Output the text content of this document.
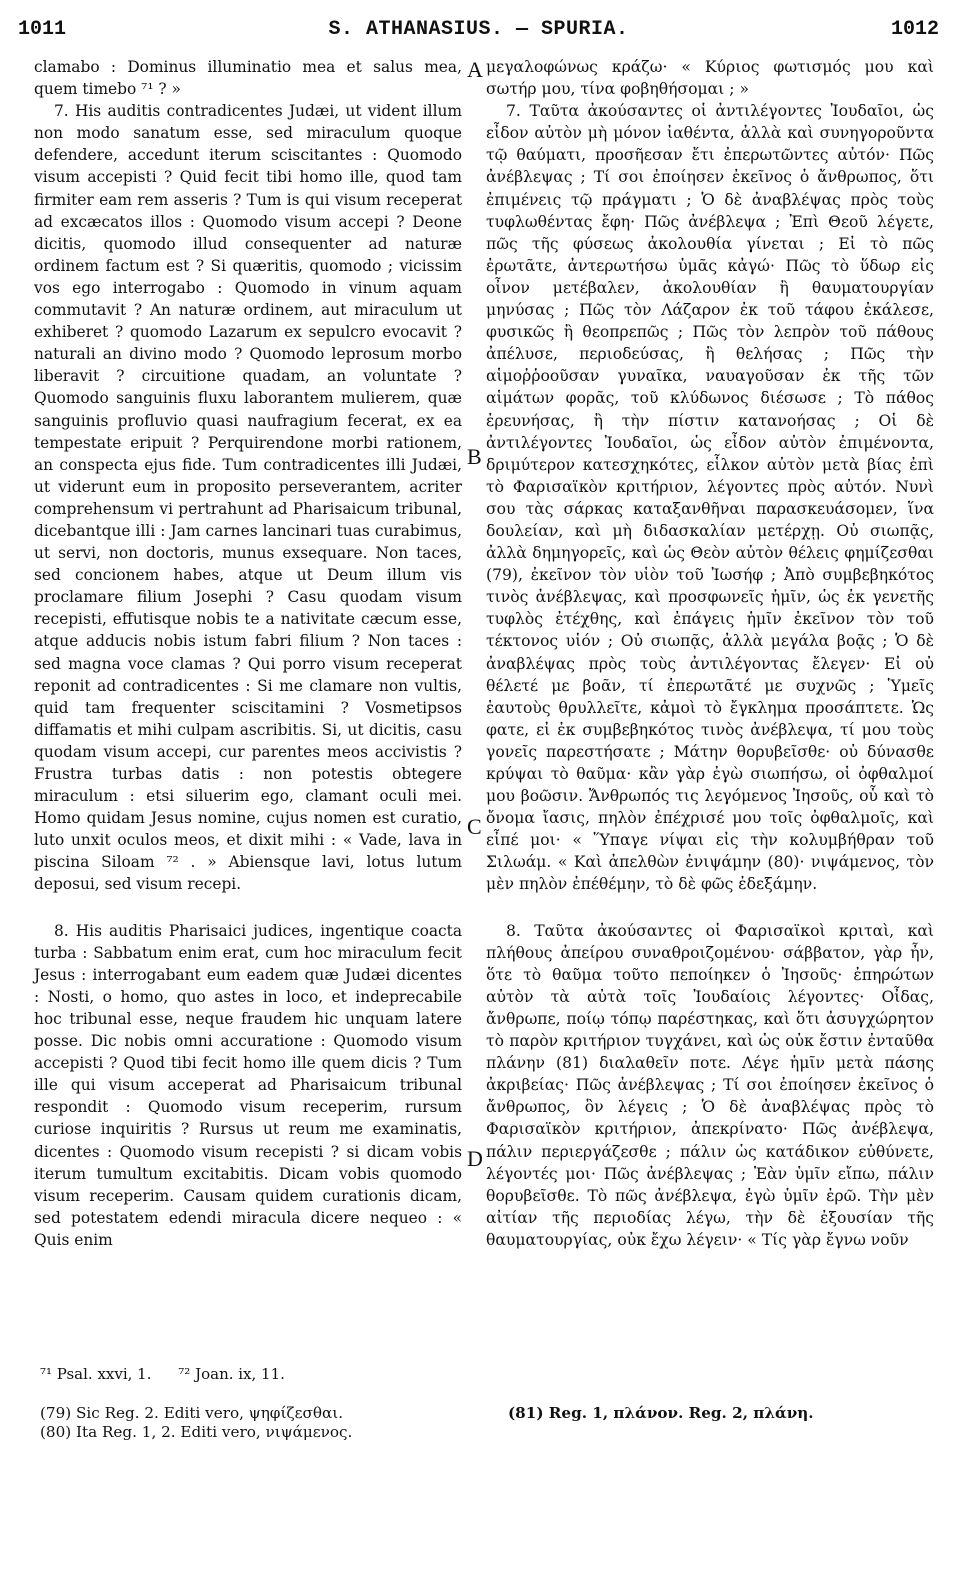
1011	S. ATHANASIUS. — SPURIA.	1012

clamabo : Dominus illuminatio mea et salus mea, quem timebo ⁷¹ ? »

7. His auditis contradicentes Judæi, ut vident illum non modo sanatum esse, sed miraculum quoque defendere, accedunt iterum sciscitantes : Quomodo visum accepisti ? Quid fecit tibi homo ille, quod tam firmiter eam rem asseris ? Tum is qui visum receperat ad excæcatos illos : Quomodo visum accepi ? Deone dicitis, quomodo illud consequenter ad naturæ ordinem factum est ? Si quæritis, quomodo ; vicissim vos ego interrogabo : Quomodo in vinum aquam commutavit ? An naturæ ordinem, aut miraculum ut exhiberet ? quomodo Lazarum ex sepulcro evocavit ? naturali an divino modo ? Quomodo leprosum morbo liberavit ? circuitione quadam, an voluntate ? Quomodo sanguinis fluxu laborantem mulierem, quæ sanguinis profluvio quasi naufragium fecerat, ex ea tempestate eripuit ? Perquirendone morbi rationem, an conspecta ejus fide. Tum contradicentes illi Judæi, ut viderunt eum in proposito perseverantem, acriter comprehensum vi pertrahunt ad Pharisaicum tribunal, dicebantque illi : Jam carnes lancinari tuas curabimus, ut servi, non doctoris, munus exsequare. Non taces, sed concionem habes, atque ut Deum illum vis proclamare filium Josephi ? Casu quodam visum recepisti, effutisque nobis te a nativitate cæcum esse, atque adducis nobis istum fabri filium ? Non taces : sed magna voce clamas ? Qui porro visum receperat reponit ad contradicentes : Si me clamare non vultis, quid tam frequenter sciscitamini ? Vosmetipsos diffamatis et mihi culpam ascribitis. Si, ut dicitis, casu quodam visum accepi, cur parentes meos accivistis ? Frustra turbas datis : non potestis obtegere miraculum : etsi siluerim ego, clamant oculi mei. Homo quidam Jesus nomine, cujus nomen est curatio, luto unxit oculos meos, et dixit mihi : « Vade, lava in piscina Siloam ⁷² . » Abiensque lavi, lotus lutum deposui, sed visum recepi.

8. His auditis Pharisaici judices, ingentique coacta turba : Sabbatum enim erat, cum hoc miraculum fecit Jesus : interrogabant eum eadem quæ Judæi dicentes : Nosti, o homo, quo astes in loco, et indeprecabile hoc tribunal esse, neque fraudem hic unquam latere posse. Dic nobis omni accuratione : Quomodo visum accepisti ? Quod tibi fecit homo ille quem dicis ? Tum ille qui visum acceperat ad Pharisaicum tribunal respondit : Quomodo visum receperim, rursum curiose inquiritis ? Rursus ut reum me examinatis, dicentes : Quomodo visum recepisti ? si dicam vobis iterum tumultum excitabitis. Dicam vobis quomodo visum receperim. Causam quidem curationis dicam, sed potestatem edendi miracula dicere nequeo : « Quis enim

A
B
C
D

μεγαλοφώνως κράζω· « Κύριος φωτισμός μου καὶ σωτήρ μου, τίνα φοβηθήσομαι ; »

7. Ταῦτα ἀκούσαντες οἱ ἀντιλέγοντες Ἰουδαῖοι, ὡς εἶδον αὐτὸν μὴ μόνον ἰαθέντα, ἀλλὰ καὶ συνηγοροῦντα τῷ θαύματι, προσῆεσαν ἔτι ἐπερωτῶντες αὐτόν· Πῶς ἀνέβλεψας ; Τί σοι ἐποίησεν ἐκεῖνος ὁ ἄνθρωπος, ὅτι ἐπιμένεις τῷ πράγματι ; Ὁ δὲ ἀναβλέψας πρὸς τοὺς τυφλωθέντας ἔφη· Πῶς ἀνέβλεψα ; Ἐπὶ Θεοῦ λέγετε, πῶς τῆς φύσεως ἀκολουθία γίνεται ; Εἰ τὸ πῶς ἐρωτᾶτε, ἀντερωτήσω ὑμᾶς κἀγώ· Πῶς τὸ ὕδωρ εἰς οἶνον μετέβαλεν, ἀκολουθίαν ἢ θαυματουργίαν μηνύσας ; Πῶς τὸν Λάζαρον ἐκ τοῦ τάφου ἐκάλεσε, φυσικῶς ἢ θεοπρεπῶς ; Πῶς τὸν λεπρὸν τοῦ πάθους ἀπέλυσε, περιοδεύσας, ἢ θελήσας ; Πῶς τὴν αἱμοῤῥοοῦσαν γυναῖκα, ναυαγοῦσαν ἐκ τῆς τῶν αἱμάτων φορᾶς, τοῦ κλύδωνος διέσωσε ; Τὸ πάθος ἐρευνήσας, ἢ τὴν πίστιν κατανοήσας ; Οἱ δὲ ἀντιλέγοντες Ἰουδαῖοι, ὡς εἶδον αὐτὸν ἐπιμένοντα, δριμύτερον κατεσχηκότες, εἷλκον αὐτὸν μετὰ βίας ἐπὶ τὸ Φαρισαϊκὸν κριτήριον, λέγοντες πρὸς αὐτόν. Νυνὶ σου τὰς σάρκας καταξανθῆναι παρασκευάσομεν, ἵνα δουλείαν, καὶ μὴ διδασκαλίαν μετέρχῃ. Οὐ σιωπᾷς, ἀλλὰ δημηγορεῖς, καὶ ὡς Θεὸν αὐτὸν θέλεις φημίζεσθαι (79), ἐκεῖνον τὸν υἱὸν τοῦ Ἰωσήφ ; Ἀπὸ συμβεβηκότος τινὸς ἀνέβλεψας, καὶ προσφωνεῖς ἡμῖν, ὡς ἐκ γενετῆς τυφλὸς ἐτέχθης, καὶ ἐπάγεις ἡμῖν ἐκεῖνον τὸν τοῦ τέκτονος υἱόν ; Οὐ σιωπᾷς, ἀλλὰ μεγάλα βοᾷς ; Ὁ δὲ ἀναβλέψας πρὸς τοὺς ἀντιλέγοντας ἔλεγεν· Εἰ οὐ θέλετέ με βοᾶν, τί ἐπερωτᾶτέ με συχνῶς ; Ὑμεῖς ἑαυτοὺς θρυλλεῖτε, κἀμοὶ τὸ ἔγκλημα προσάπτετε. Ὡς φατε, εἰ ἐκ συμβεβηκότος τινὸς ἀνέβλεψα, τί μου τοὺς γονεῖς παρεστήσατε ; Μάτην θορυβεῖσθε· οὐ δύνασθε κρύψαι τὸ θαῦμα· κἂν γὰρ ἐγὼ σιωπήσω, οἱ ὀφθαλμοί μου βοῶσιν. Ἄνθρωπός τις λεγόμενος Ἰησοῦς, οὗ καὶ τὸ ὄνομα ἴασις, πηλὸν ἐπέχρισέ μου τοῖς ὀφθαλμοῖς, καὶ εἶπέ μοι· « Ὕπαγε νίψαι εἰς τὴν κολυμβήθραν τοῦ Σιλωάμ. « Καὶ ἀπελθὼν ἐνιψάμην (80)· νιψάμενος, τὸν μὲν πηλὸν ἐπέθέμην, τὸ δὲ φῶς ἐδεξάμην.

8. Ταῦτα ἀκούσαντες οἱ Φαρισαϊκοὶ κριταὶ, καὶ πλήθους ἀπείρου συναθροιζομένου· σάββατον, γὰρ ἦν, ὅτε τὸ θαῦμα τοῦτο πεποίηκεν ὁ Ἰησοῦς· ἐπηρώτων αὐτὸν τὰ αὐτὰ τοῖς Ἰουδαίοις λέγοντες· Οἶδας, ἄνθρωπε, ποίῳ τόπῳ παρέστηκας, καὶ ὅτι ἀσυγχώρητον τὸ παρὸν κριτήριον τυγχάνει, καὶ ὡς οὐκ ἔστιν ἐνταῦθα πλάνην (81) διαλαθεῖν ποτε. Λέγε ἡμῖν μετὰ πάσης ἀκριβείας· Πῶς ἀνέβλεψας ; Τί σοι ἐποίησεν ἐκεῖνος ὁ ἄνθρωπος, ὃν λέγεις ; Ὁ δὲ ἀναβλέψας πρὸς τὸ Φαρισαϊκὸν κριτήριον, ἀπεκρίνατο· Πῶς ἀνέβλεψα, πάλιν περιεργάζεσθε ; πάλιν ὡς κατάδικον εὐθύνετε, λέγοντές μοι· Πῶς ἀνέβλεψας ; Ἐὰν ὑμῖν εἴπω, πάλιν θορυβεῖσθε. Τὸ πῶς ἀνέβλεψα, ἐγὼ ὑμῖν ἐρῶ. Τὴν μὲν αἰτίαν τῆς περιοδίας λέγω, τὴν δὲ ἐξουσίαν τῆς θαυματουργίας, οὐκ ἔχω λέγειν· « Τίς γὰρ ἔγνω νοῦν

⁷¹ Psal. xxvi, 1. ⁷² Joan. ix, 11.
(79) Sic Reg. 2. Editi vero, ψηφίζεσθαι.
(80) Ita Reg. 1, 2. Editi vero, νιψάμενος.
(81) Reg. 1, πλάνον. Reg. 2, πλάνη.
